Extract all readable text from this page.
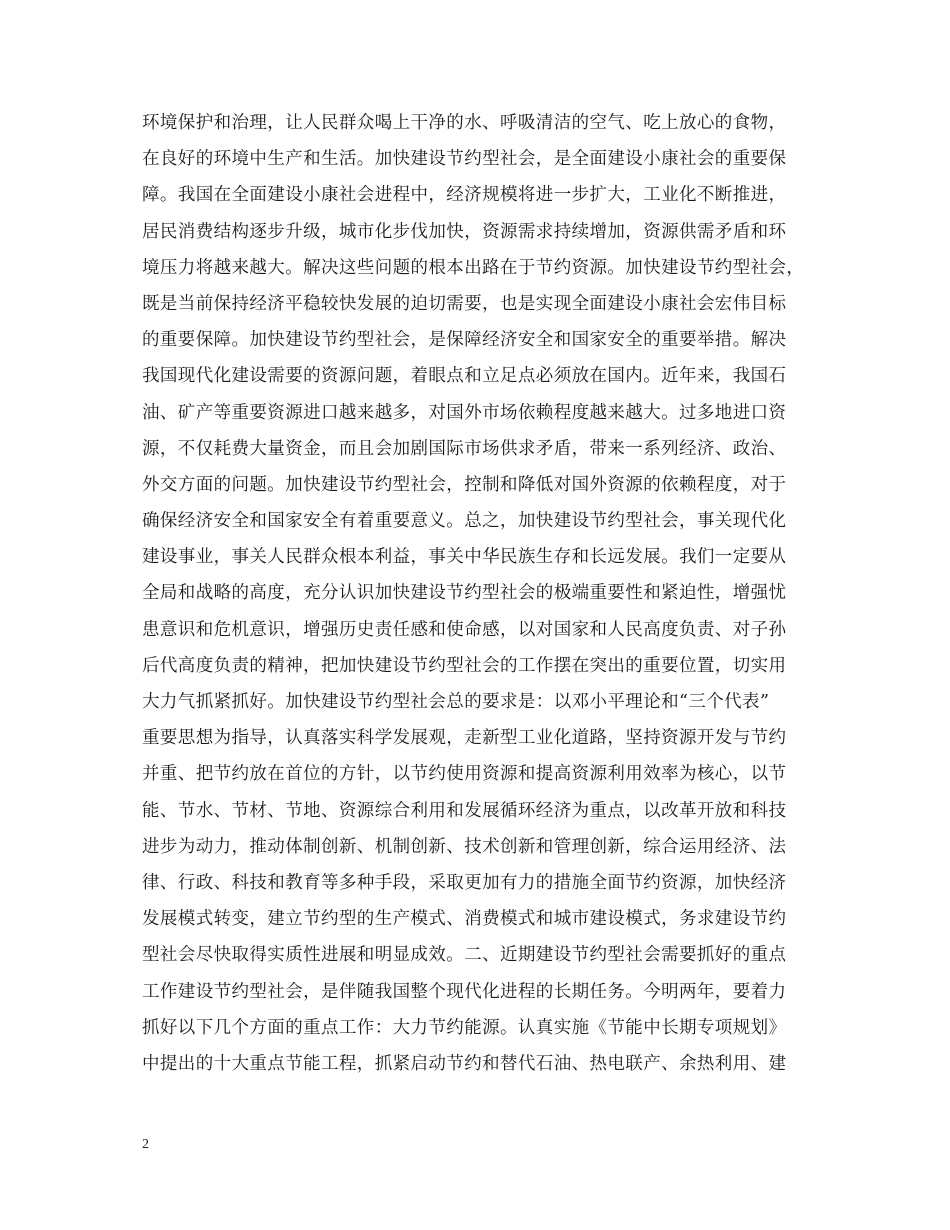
环境保护和治理，让人民群众喝上干净的水、呼吸清洁的空气、吃上放心的食物，
在良好的环境中生产和生活。加快建设节约型社会，是全面建设小康社会的重要保
障。我国在全面建设小康社会进程中，经济规模将进一步扩大，工业化不断推进，
居民消费结构逐步升级，城市化步伐加快，资源需求持续增加，资源供需矛盾和环
境压力将越来越大。解决这些问题的根本出路在于节约资源。加快建设节约型社会，
既是当前保持经济平稳较快发展的迫切需要，也是实现全面建设小康社会宏伟目标
的重要保障。加快建设节约型社会，是保障经济安全和国家安全的重要举措。解决
我国现代化建设需要的资源问题，着眼点和立足点必须放在国内。近年来，我国石
油、矿产等重要资源进口越来越多，对国外市场依赖程度越来越大。过多地进口资
源，不仅耗费大量资金，而且会加剧国际市场供求矛盾，带来一系列经济、政治、
外交方面的问题。加快建设节约型社会，控制和降低对国外资源的依赖程度，对于
确保经济安全和国家安全有着重要意义。总之，加快建设节约型社会，事关现代化
建设事业，事关人民群众根本利益，事关中华民族生存和长远发展。我们一定要从
全局和战略的高度，充分认识加快建设节约型社会的极端重要性和紧迫性，增强忧
患意识和危机意识，增强历史责任感和使命感，以对国家和人民高度负责、对子孙
后代高度负责的精神，把加快建设节约型社会的工作摆在突出的重要位置，切实用
大力气抓紧抓好。加快建设节约型社会总的要求是：以邓小平理论和“三个代表”
重要思想为指导，认真落实科学发展观，走新型工业化道路，坚持资源开发与节约
并重、把节约放在首位的方针，以节约使用资源和提高资源利用效率为核心，以节
能、节水、节材、节地、资源综合利用和发展循环经济为重点，以改革开放和科技
进步为动力，推动体制创新、机制创新、技术创新和管理创新，综合运用经济、法
律、行政、科技和教育等多种手段，采取更加有力的措施全面节约资源，加快经济
发展模式转变，建立节约型的生产模式、消费模式和城市建设模式，务求建设节约
型社会尽快取得实质性进展和明显成效。二、近期建设节约型社会需要抓好的重点
工作建设节约型社会，是伴随我国整个现代化进程的长期任务。今明两年，要着力
抓好以下几个方面的重点工作：大力节约能源。认真实施《节能中长期专项规划》
中提出的十大重点节能工程，抓紧启动节约和替代石油、热电联产、余热利用、建
2
